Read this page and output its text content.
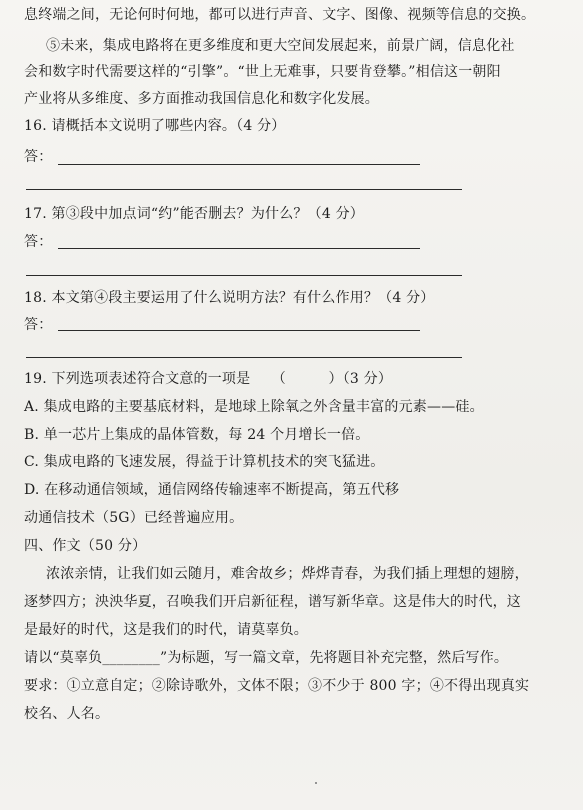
息终端之间，无论何时何地，都可以进行声音、文字、图像、视频等信息的交换。
⑤未来，集成电路将在更多维度和更大空间发展起来，前景广阔，信息化社
会和数字时代需要这样的“引擎”。“世上无难事，只要肯登攀。”相信这一朝阳
产业将从多维度、多方面推动我国信息化和数字化发展。
16. 请概括本文说明了哪些内容。（4 分）
答：
17. 第③段中加点词“约”能否删去？为什么？（4 分）
答：
18. 本文第④段主要运用了什么说明方法？有什么作用？（4 分）
答：
19. 下列选项表述符合文意的一项是　　（　　　）（3 分）
A. 集成电路的主要基底材料，是地球上除氧之外含量丰富的元素——硅。
B. 单一芯片上集成的晶体管数，每 24 个月增长一倍。
C. 集成电路的飞速发展，得益于计算机技术的突飞猛进。
D. 在移动通信领域，通信网络传输速率不断提高，第五代移
动通信技术（5G）已经普遍应用。
四、作文（50 分）
浓浓亲情，让我们如云随月，难舍故乡；烨烨青春，为我们插上理想的翅膀，
逐梦四方；泱泱华夏，召唤我们开启新征程，谱写新华章。这是伟大的时代，这
是最好的时代，这是我们的时代，请莫辜负。
请以“莫辜负________”为标题，写一篇文章，先将题目补充完整，然后写作。
要求：①立意自定；②除诗歌外，文体不限；③不少于 800 字；④不得出现真实
校名、人名。
